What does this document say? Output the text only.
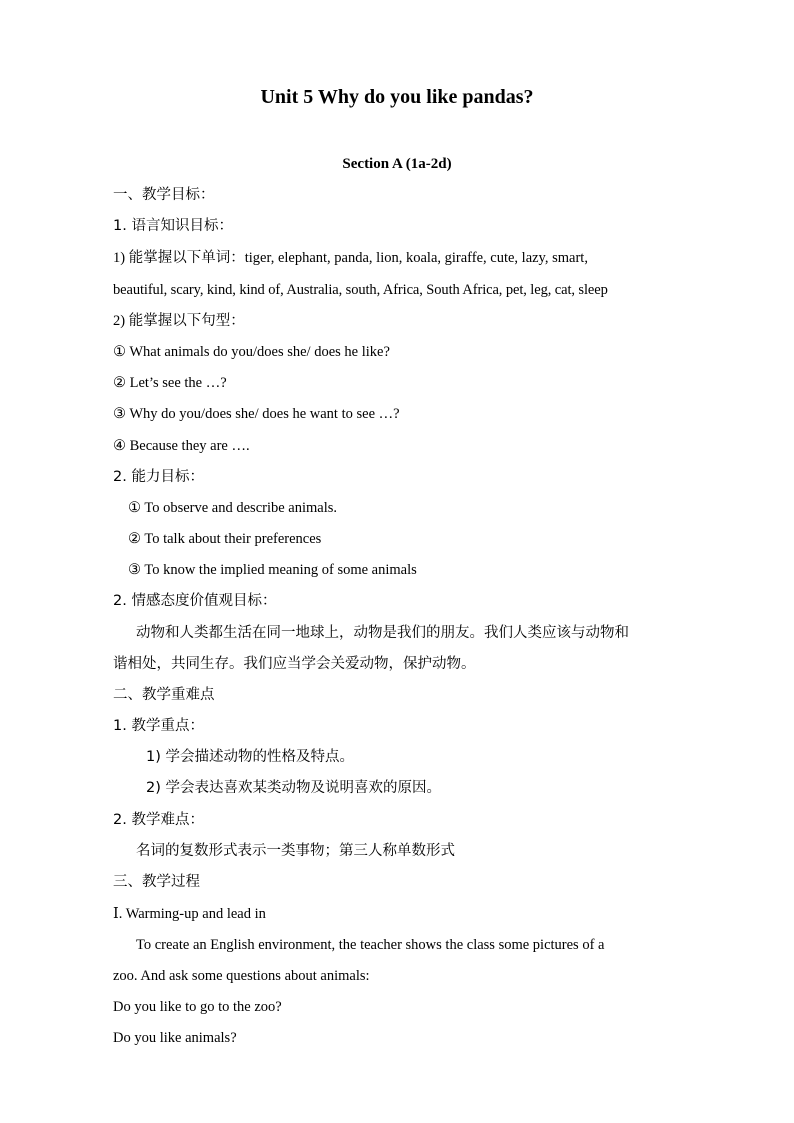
Unit 5 Why do you like pandas?
Section A (1a-2d)
一、教学目标：
1. 语言知识目标：
1) 能掌握以下单词：tiger, elephant, panda, lion, koala, giraffe, cute, lazy, smart,
beautiful, scary, kind, kind of, Australia, south, Africa, South Africa, pet, leg, cat, sleep
2) 能掌握以下句型：
① What animals do you/does she/ does he like?
② Let’s see the …?
③ Why do you/does she/ does he want to see …?
④ Because they are ….
2. 能力目标：
① To observe and describe animals.
② To talk about their preferences
③ To know the implied meaning of some animals
2. 情感态度价值观目标：
动物和人类都生活在同一地球上，动物是我们的朋友。我们人类应该与动物和
谐相处，共同生存。我们应当学会关爱动物，保护动物。
二、教学重难点
1. 教学重点：
1) 学会描述动物的性格及特点。
2) 学会表达喜欢某类动物及说明喜欢的原因。
2. 教学难点：
名词的复数形式表示一类事物；第三人称单数形式
三、教学过程
Ⅰ. Warming-up and lead in
To create an English environment, the teacher shows the class some pictures of a
zoo. And ask some questions about animals:
Do you like to go to the zoo?
Do you like animals?
